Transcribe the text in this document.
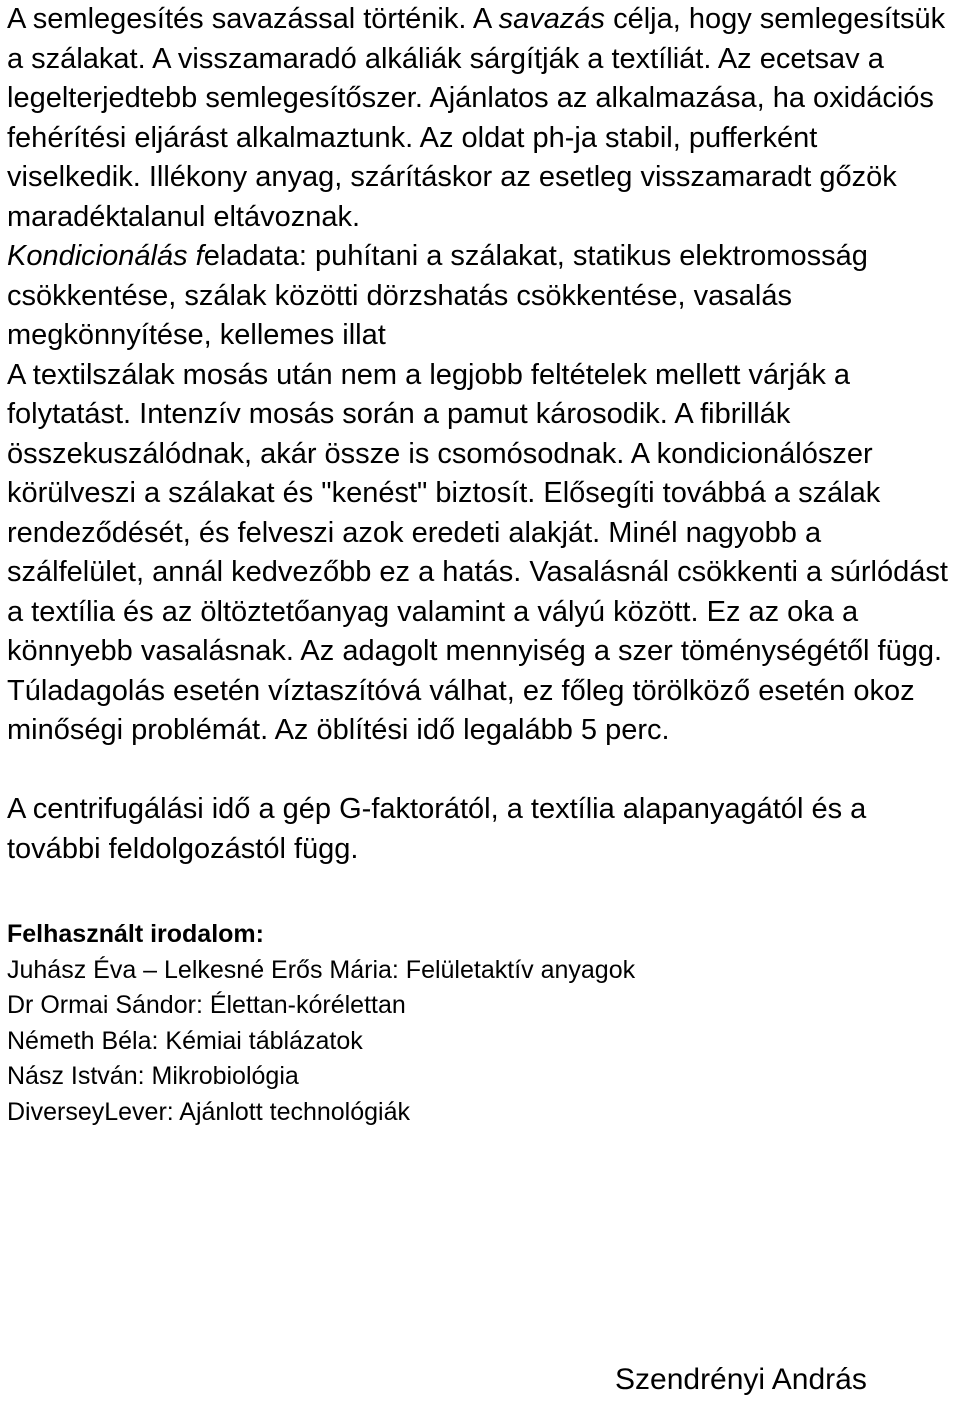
A semlegesítés savazással történik. A savazás célja, hogy semlegesítsük a szálakat. A visszamaradó alkáliák sárgítják a textíliát. Az ecetsav a legelterjedtebb semlegesítőszer. Ajánlatos az alkalmazása, ha oxidációs fehérítési eljárást alkalmaztunk. Az oldat ph-ja stabil, pufferként viselkedik. Illékony anyag, szárításkor az esetleg visszamaradt gőzök maradéktalanul eltávoznak.
Kondicionálás feladata: puhítani a szálakat, statikus elektromosság csökkentése, szálak közötti dörzshatás csökkentése, vasalás megkönnyítése, kellemes illat
A textilszálak mosás után nem a legjobb feltételek mellett várják a folytatást. Intenzív mosás során a pamut károsodik. A fibrillák összekuszálódnak, akár össze is csomósodnak. A kondicionálószer körülveszi a szálakat és "kenést" biztosít. Elősegíti továbbá a szálak rendeződését, és felveszi azok eredeti alakját. Minél nagyobb a szálfelület, annál kedvezőbb ez a hatás. Vasalásnál csökkenti a súrlódást a textília és az öltöztetőanyag valamint a vályú között. Ez az oka a könnyebb vasalásnak. Az adagolt mennyiség a szer töménységétől függ. Túladagolás esetén víztaszítóvá válhat, ez főleg törölköző esetén okoz minőségi problémát. Az öblítési idő legalább 5 perc.

A centrifugálási idő a gép G-faktorától, a textília alapanyagától és a további feldolgozástól függ.

Felhasznált irodalom:
Juhász Éva – Lelkesné Erős Mária: Felületaktív anyagok
Dr Ormai Sándor: Élettan-kórélettan
Németh Béla: Kémiai táblázatok
Nász István: Mikrobiológia
DiverseyLever: Ajánlott technológiák
Szendrényi András
